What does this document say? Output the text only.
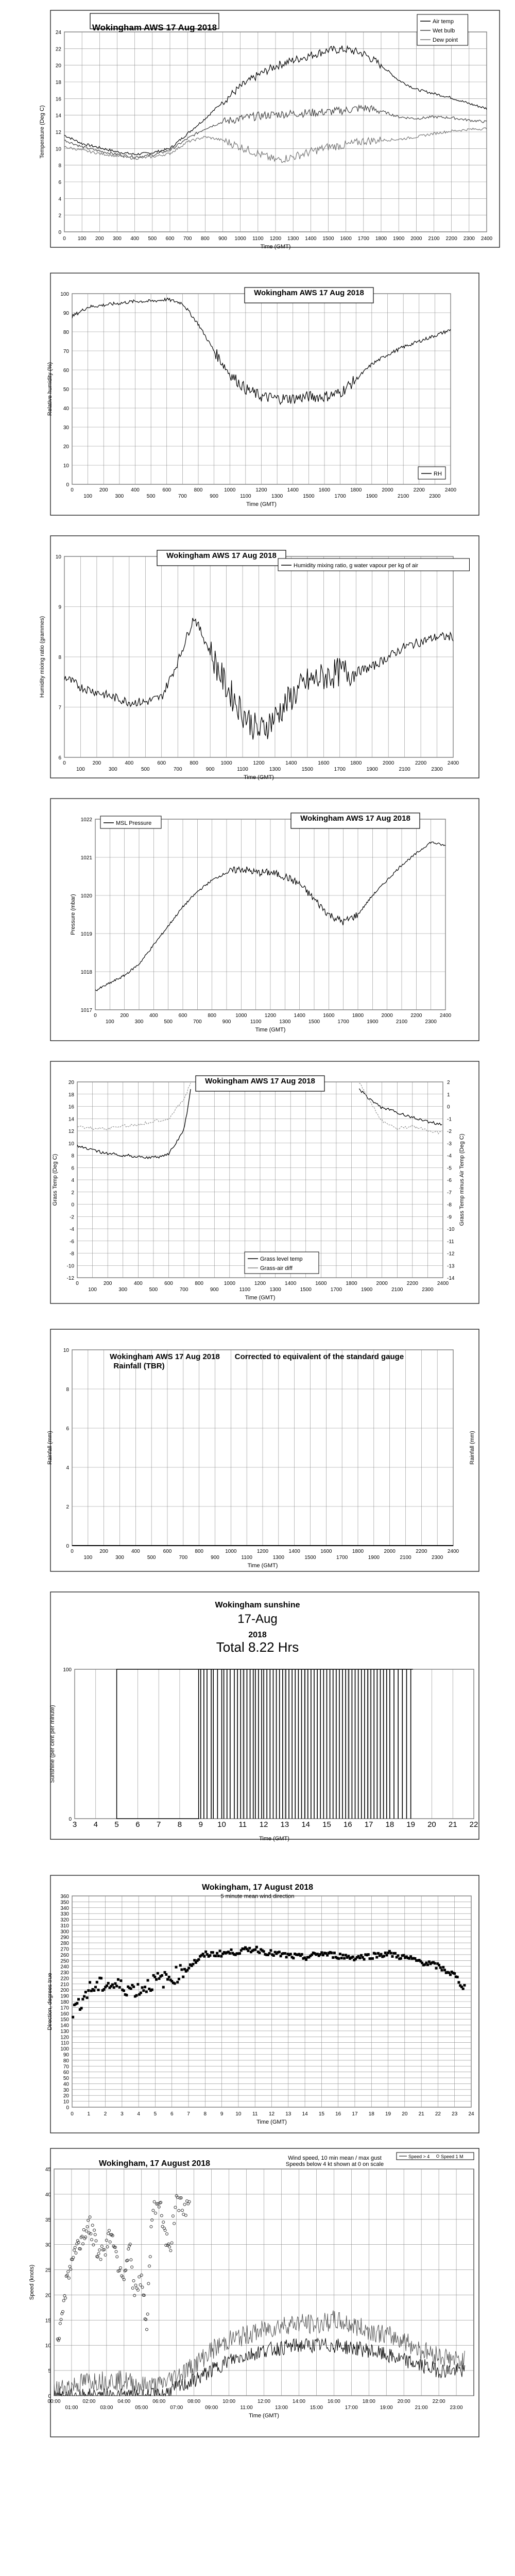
0
2
4
6
8
10
12
14
16
18
20
22
24
0 100 200 300 400 500 600 700 800 900 1000 1100 1200 1300 1400 1500 1600 1700 1800 1900 2000 2100 2200 2300 2400
Time (GMT)
Temperature (Deg C)
Wokingham AWS 17 Aug 2018
Air temp
Wet bulb
Dew point
0
10
20
30
40
50
60
70
80
90
100
0
100
200
300
400
500
600
700
800
900
1000
1100
1200
1300
1400
1500
1600
1700
1800
1900
2000
2100
2200
2300
2400
Time (GMT)
Relative humidity (%)
Wokingham AWS 17 Aug 2018
RH
6
7
8
9
10
0
100
200
300
400
500
600
700
800
900
1000
1100
1200
1300
1400
1500
1600
1700
1800
1900
2000
2100
2200
2300
2400
Time (GMT)
Humidity mixing ratio (grammes)
Wokingham AWS 17 Aug 2018
Humidity mixing ratio, g water vapour per kg of air
1017
1018
1019
1020
1021
1022
0
100
200
300
400
500
600
700
800
900
1000
1100
1200
1300
1400
1500
1600
1700
1800
1900
2000
2100
2200
2300
2400
Time (GMT)
Pressure (mbar)
Wokingham AWS 17 Aug 2018
MSL Pressure
-12
-10
-8
-6
-4
-2
0
2
4
6
8
10
12
14
16
18
20
0
100
200
300
400
500
600
700
800
900
1000
1100
1200
1300
1400
1500
1600
1700
1800
1900
2000
2100
2200
2300
2400
-14
-13
-12
-11
-10
-9
-8
-7
-6
-5
-4
-3
-2
-1
0
1
2
Time (GMT)
Grass Temp (Deg C)	Grass Temp minus Air Temp (Deg C)
Wokingham AWS 17 Aug 2018
Grass level temp
Grass-air diff
0
2
4
6
8
10
0
100
200
300
400
500
600
700
800
900
1000
1100
1200
1300
1400
1500
1600
1700
1800
1900
2000
2100
2200
2300
2400
Time (GMT)
Rainfall (mm)	Rainfall (mm)
Wokingham AWS 17 Aug 2018
Rainfall (TBR)
Corrected to equivalent of the standard gauge
0
100
3 4 5 6 7 8 9 10 11 12 13 14 15 16 17 18 19 20 21 22
Time (GMT)
Sunshine (per cent per minute)
Wokingham sunshine
17-Aug
2018
Total 8.22 Hrs
0
10
20
30
40
50
60
70
80
90
100
110
120
130
140
150
160
170
180
190
200
210
220
230
240
250
260
270
280
290
300
310
320
330
340
350
360
0	1	2	3	4	5	6	7	8	9 10 11 12 13 14 15 16 17 18 19 20 21 22 23 24
Time (GMT)
Direction, degrees true
Wokingham, 17 August 2018
5 minute mean wind direction
0
5
10
15
20
25
30
35
40
45
00:00	02:00	04:00	06:00	08:00	10:00	12:00	14:00	16:00	18:00	20:00	22:00
01:00	03:00	05:00	07:00	09:00	11:00	13:00	15:00	17:00	19:00	21:00	23:00
Time (GMT)
Speed (knots)
Wokingham, 17 August 2018
Wind speed, 10 min mean / max gust
Speeds below 4 kt shown at 0 on scale
Speed > 4 Speed 1 M
